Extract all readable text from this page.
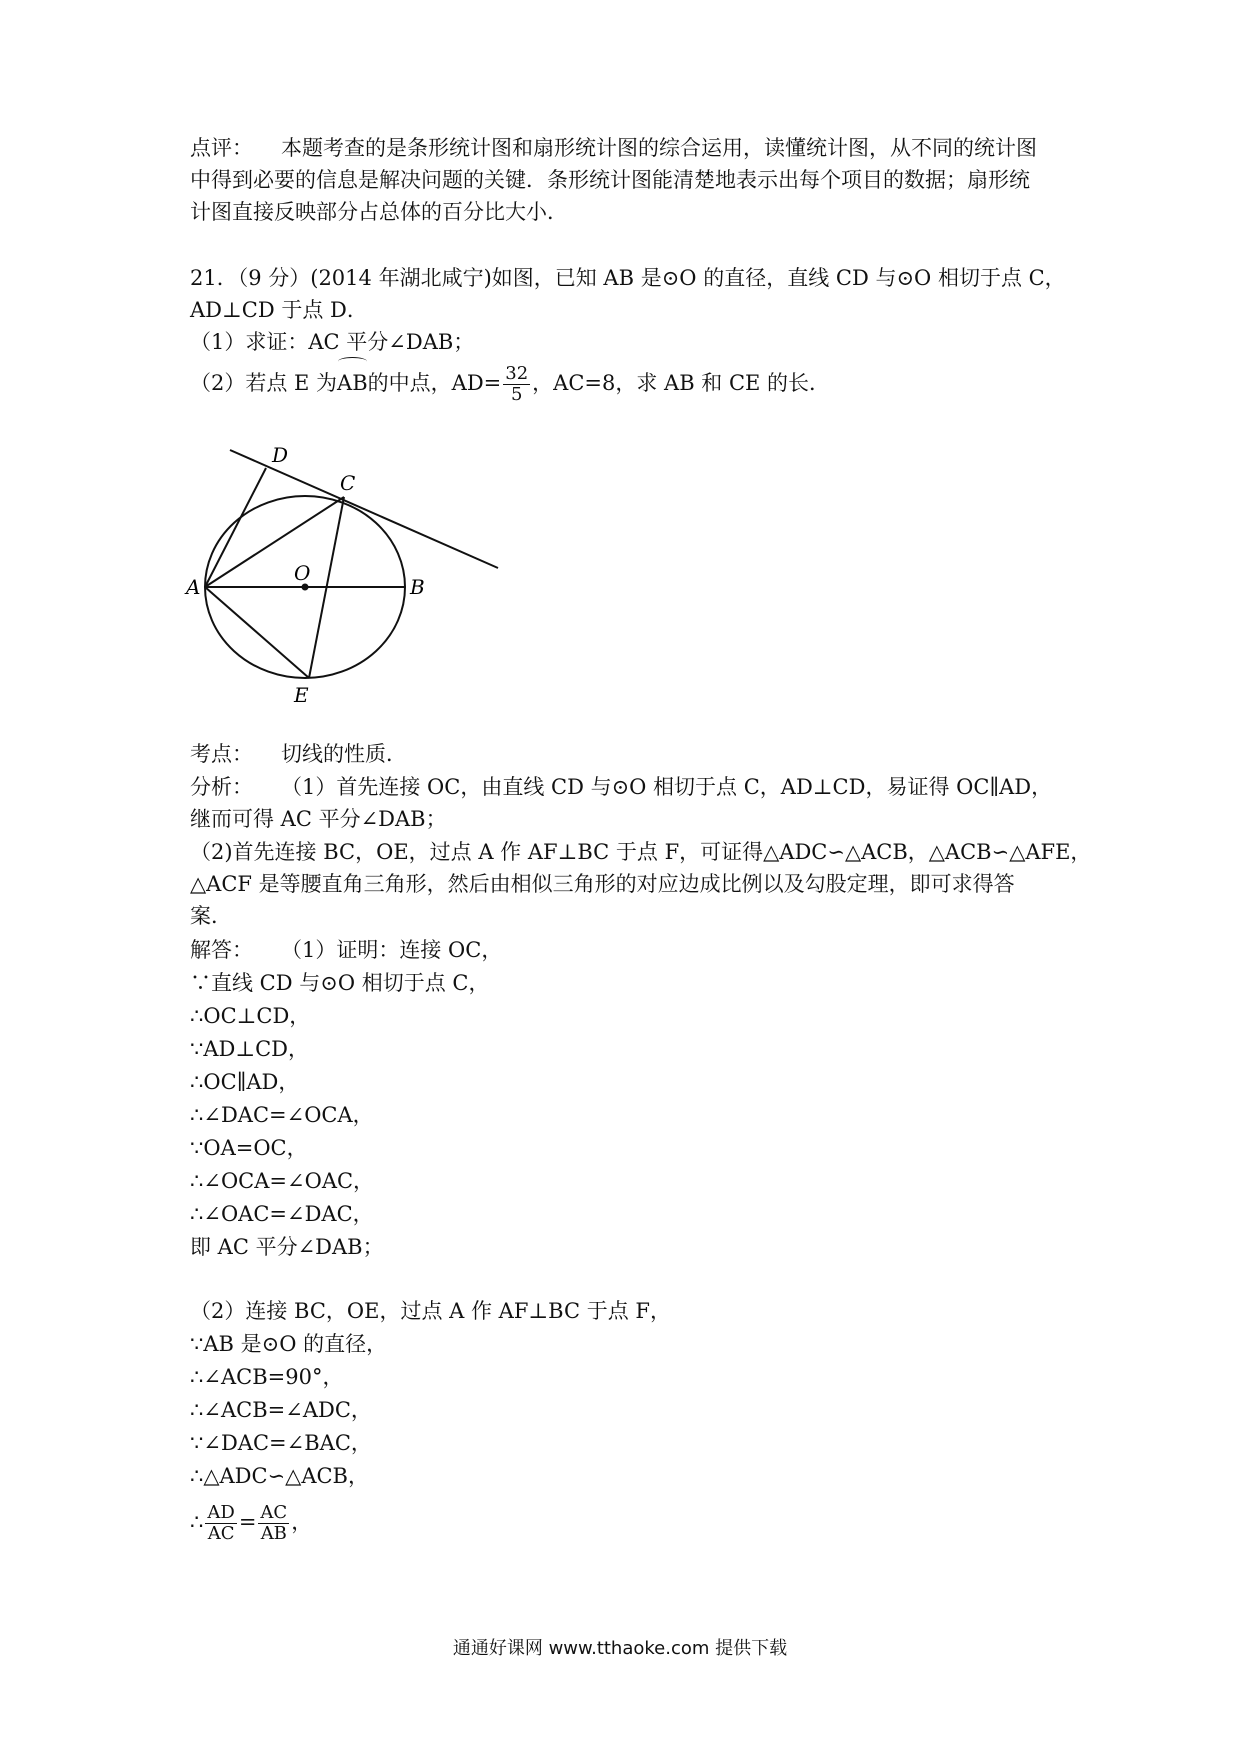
点评： 本题考查的是条形统计图和扇形统计图的综合运用，读懂统计图，从不同的统计图
中得到必要的信息是解决问题的关键．条形统计图能清楚地表示出每个项目的数据；扇形统
计图直接反映部分占总体的百分比大小．
21．（9 分）(2014 年湖北咸宁)如图，已知 AB 是⊙O 的直径，直线 CD 与⊙O 相切于点 C，
AD⊥CD 于点 D．
（1）求证：AC 平分∠DAB；
（2）若点 E 为AB的中点，$AD= \frac{32}{5}$ ，AC=8，求 AB 和 CE 的长．
D
C
O
A	B
E
考点： 切线的性质．
分析： （1）首先连接 OC，由直线 CD 与⊙O 相切于点 C，AD⊥CD，易证得 OC∥AD，
继而可得 AC 平分∠DAB；
（2)首先连接 BC，OE，过点 A 作 AF⊥BC 于点 F，可证得△ADC∽△ACB，△ACB∽△AFE，
△ACF 是等腰直角三角形，然后由相似三角形的对应边成比例以及勾股定理，即可求得答
案．
解答： （1）证明：连接 OC，
∵直线 CD 与⊙O 相切于点 C，
∴OC⊥CD，
∵AD⊥CD，
∴OC∥AD，
∴∠DAC=∠OCA，
∵OA=OC，
∴∠OCA=∠OAC，
∴∠OAC=∠DAC，
即 AC 平分∠DAB；
（2）连接 BC，OE，过点 A 作 AF⊥BC 于点 F，
∵AB 是⊙O 的直径，
∴∠ACB=90°，
∴∠ACB=∠ADC，
∵∠DAC=∠BAC，
∴△ADC∽△ACB，
∴ $\frac{AD}{AC} = \frac{AC}{AB}$ ，
通通好课网 www.tthaoke.com 提供下载
